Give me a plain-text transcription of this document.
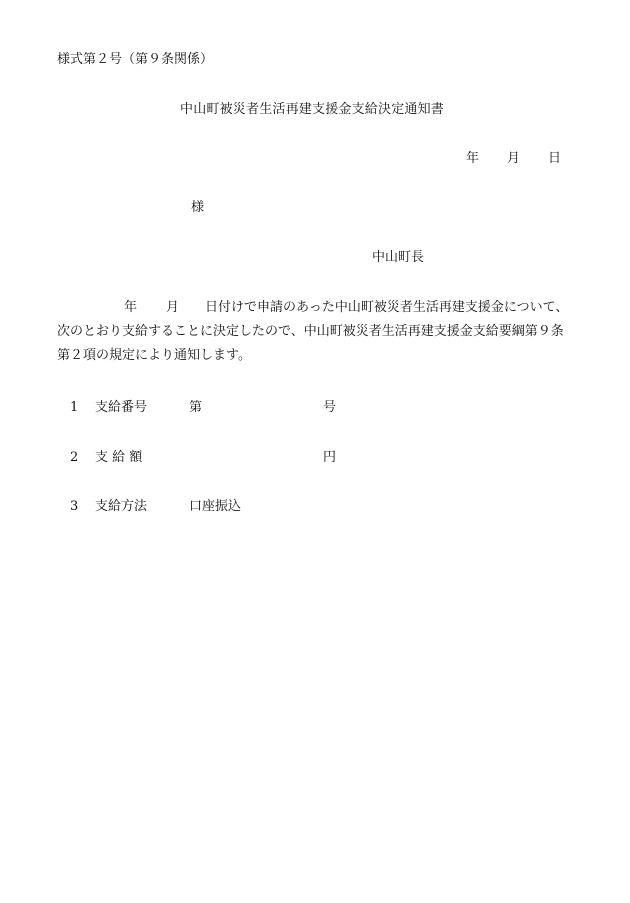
様式第２号（第９条関係）
中山町被災者生活再建支援金支給決定通知書
年 月 日
様
中山町長
年 月 日付けで申請のあった中山町被災者生活再建支援金について、
次のとおり支給することに決定したので、中山町被災者生活再建支援金支給要綱第９条
第２項の規定により通知します。
1 支給番号	第	号
2 支 給 額	円
3 支給方法	口座振込
